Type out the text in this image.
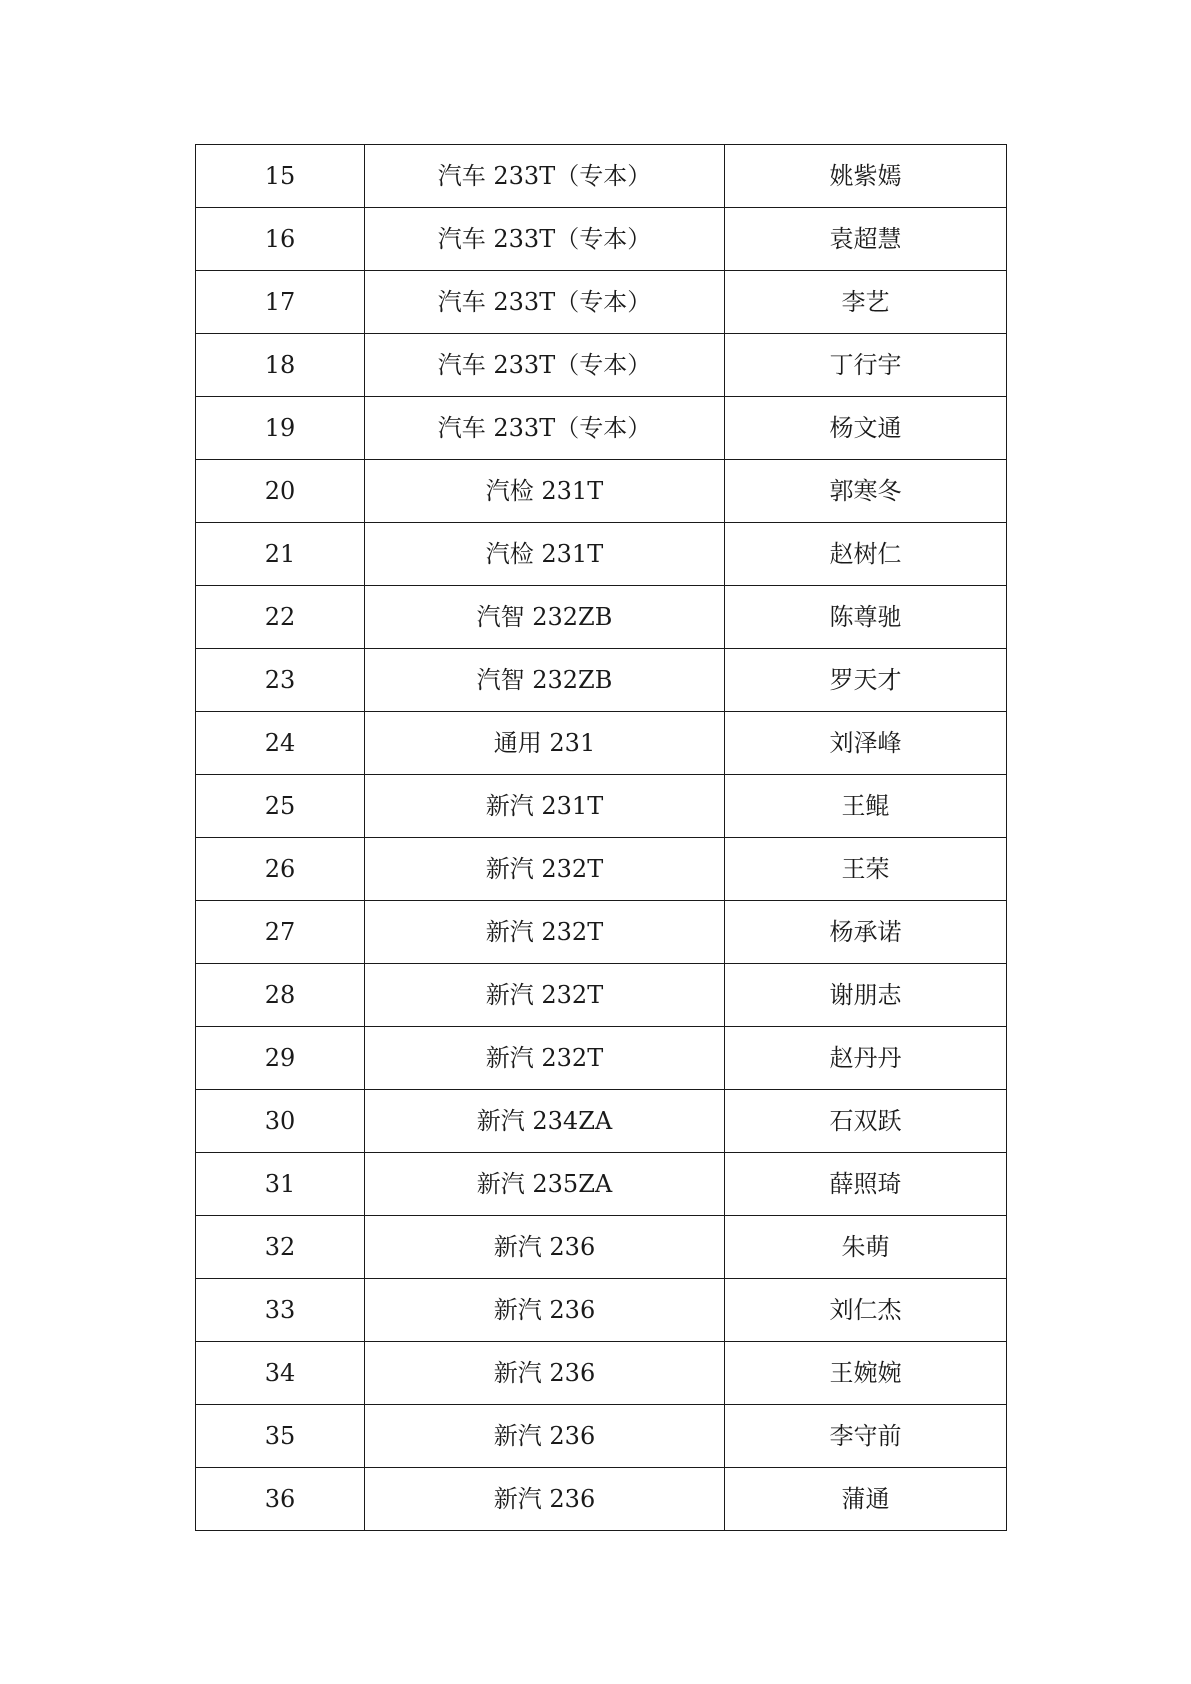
15	汽车 233T（专本）	姚紫嫣
16	汽车 233T（专本）	袁超慧
17	汽车 233T（专本）	李艺
18	汽车 233T（专本）	丁行宇
19	汽车 233T（专本）	杨文通
20	汽检 231T	郭寒冬
21	汽检 231T	赵树仁
22	汽智 232ZB	陈尊驰
23	汽智 232ZB	罗天才
24	通用 231	刘泽峰
25	新汽 231T	王鲲
26	新汽 232T	王荣
27	新汽 232T	杨承诺
28	新汽 232T	谢朋志
29	新汽 232T	赵丹丹
30	新汽 234ZA	石双跃
31	新汽 235ZA	薛照琦
32	新汽 236	朱萌
33	新汽 236	刘仁杰
34	新汽 236	王婉婉
35	新汽 236	李守前
36	新汽 236	蒲通
